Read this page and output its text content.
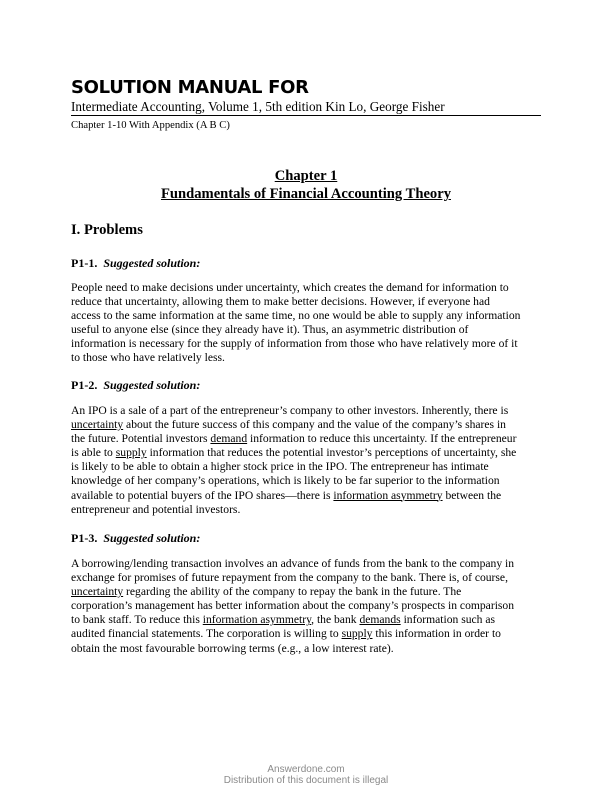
SOLUTION MANUAL FOR
Intermediate Accounting, Volume 1, 5th edition Kin Lo, George Fisher
Chapter 1-10 With Appendix (A B C)
Chapter 1
Fundamentals of Financial Accounting Theory
I. Problems
P1-1. Suggested solution:
People need to make decisions under uncertainty, which creates the demand for information to
reduce that uncertainty, allowing them to make better decisions. However, if everyone had
access to the same information at the same time, no one would be able to supply any information
useful to anyone else (since they already have it). Thus, an asymmetric distribution of
information is necessary for the supply of information from those who have relatively more of it
to those who have relatively less.
P1-2. Suggested solution:
An IPO is a sale of a part of the entrepreneur’s company to other investors. Inherently, there is
uncertainty about the future success of this company and the value of the company’s shares in
the future. Potential investors demand information to reduce this uncertainty. If the entrepreneur
is able to supply information that reduces the potential investor’s perceptions of uncertainty, she
is likely to be able to obtain a higher stock price in the IPO. The entrepreneur has intimate
knowledge of her company’s operations, which is likely to be far superior to the information
available to potential buyers of the IPO shares—there is information asymmetry between the
entrepreneur and potential investors.
P1-3. Suggested solution:
A borrowing/lending transaction involves an advance of funds from the bank to the company in
exchange for promises of future repayment from the company to the bank. There is, of course,
uncertainty regarding the ability of the company to repay the bank in the future. The
corporation’s management has better information about the company’s prospects in comparison
to bank staff. To reduce this information asymmetry, the bank demands information such as
audited financial statements. The corporation is willing to supply this information in order to
obtain the most favourable borrowing terms (e.g., a low interest rate).
Answerdone.com
Distribution of this document is illegal
